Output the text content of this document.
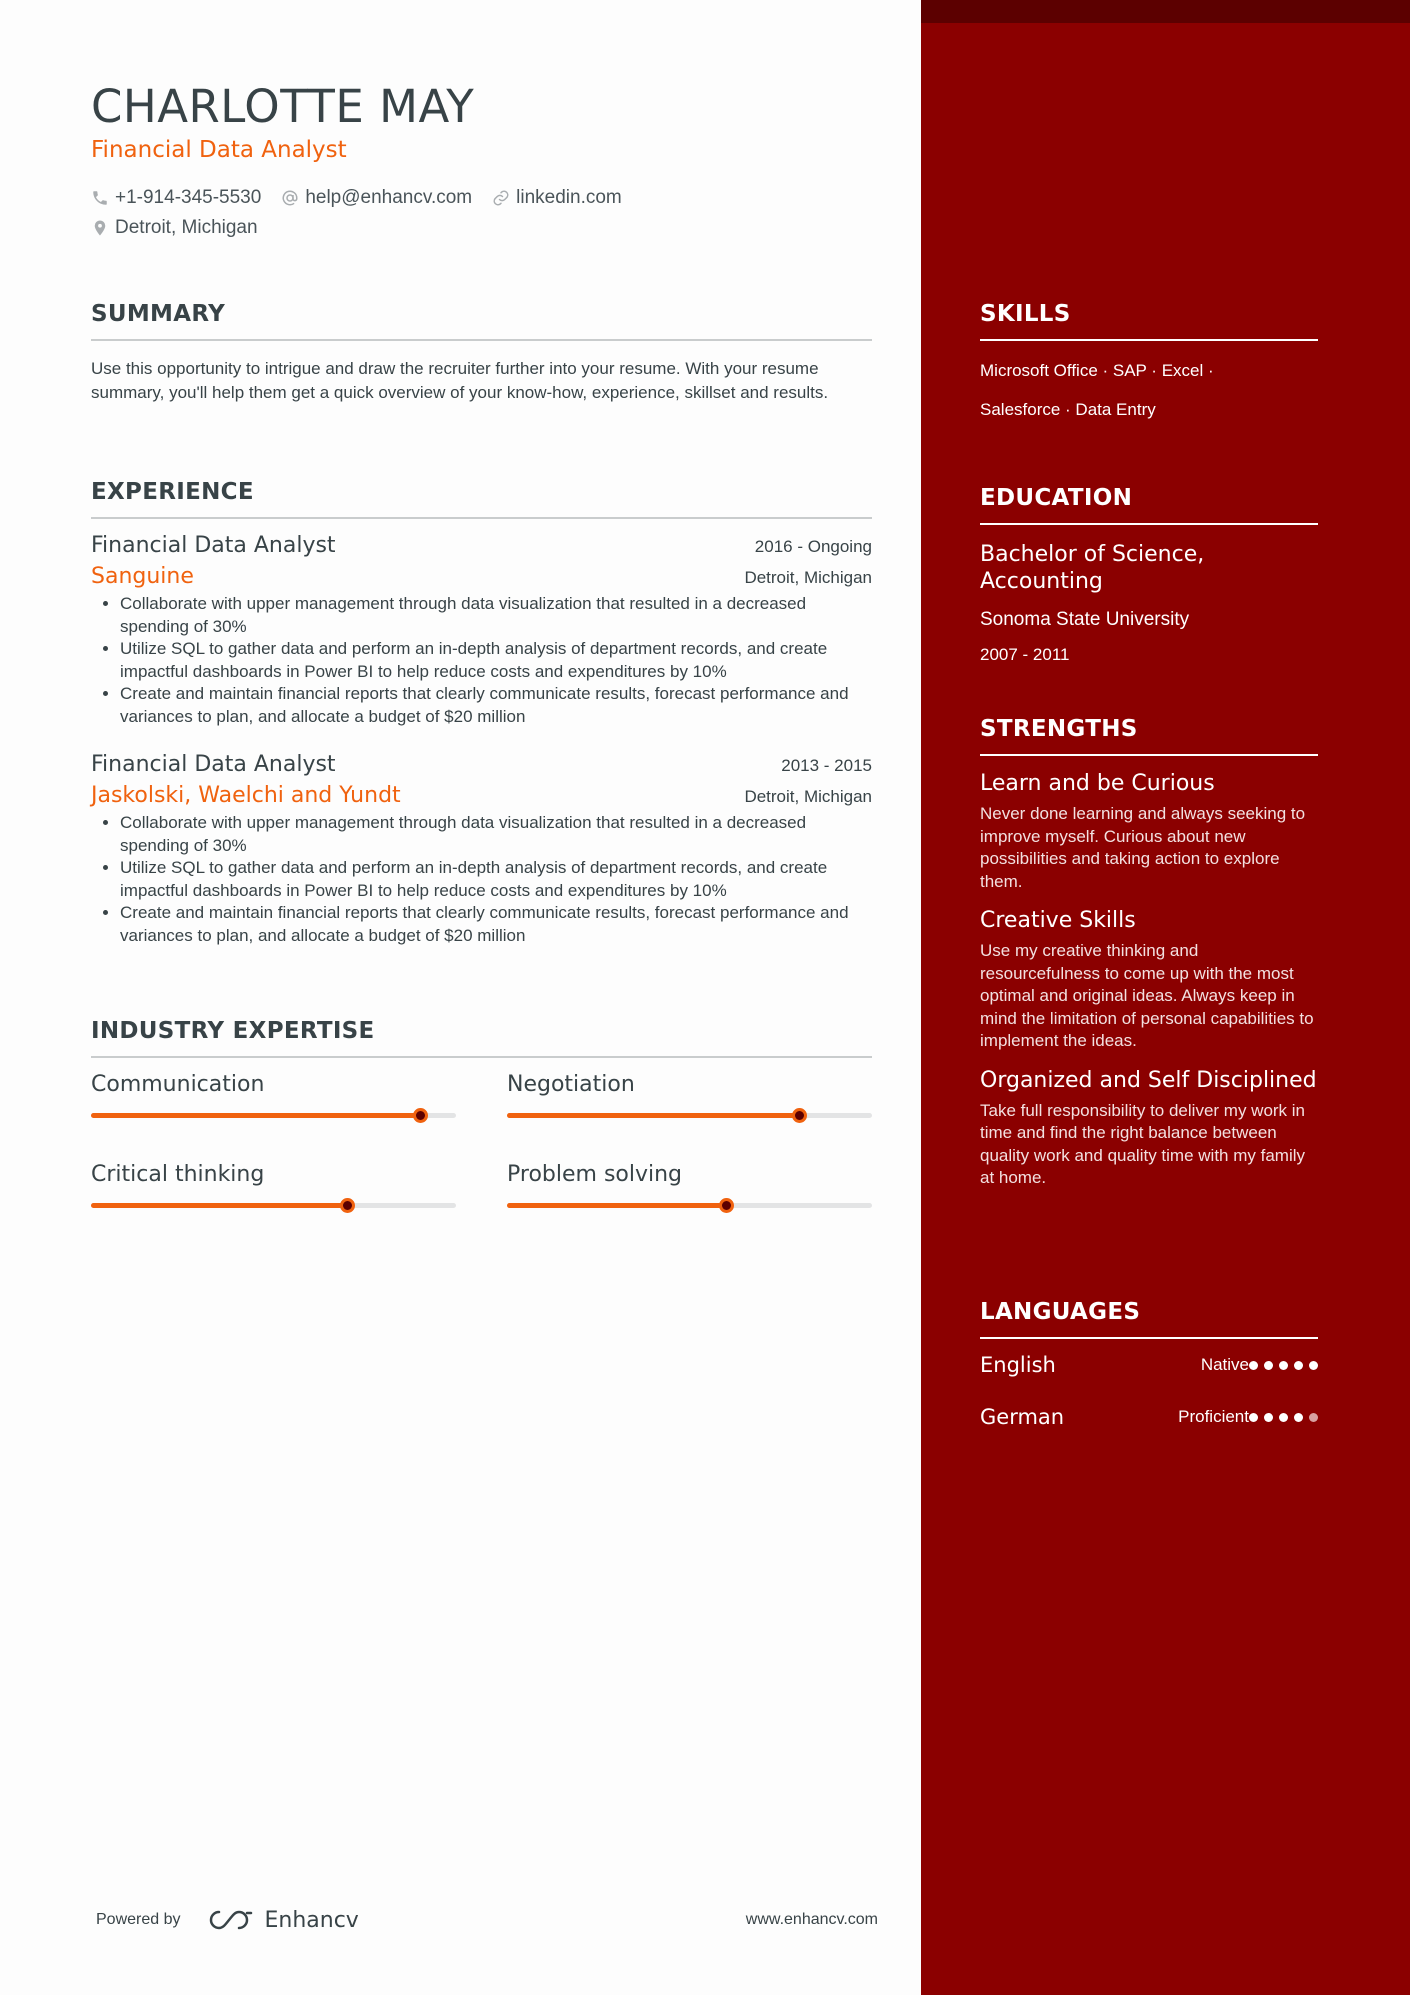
CHARLOTTE MAY
Financial Data Analyst
+1-914-345-5530 help@enhancv.com linkedin.com
Detroit, Michigan
SUMMARY

Use this opportunity to intrigue and draw the recruiter further into your resume. With your resume summary, you'll help them get a quick overview of your know-how, experience, skillset and results.

EXPERIENCE
Financial Data Analyst	2016 - Ongoing
Sanguine	Detroit, Michigan
• Collaborate with upper management through data visualization that resulted in a decreased spending of 30%
• Utilize SQL to gather data and perform an in-depth analysis of department records, and create impactful dashboards in Power BI to help reduce costs and expenditures by 10%
• Create and maintain financial reports that clearly communicate results, forecast performance and variances to plan, and allocate a budget of $20 million
Financial Data Analyst	2013 - 2015
Jaskolski, Waelchi and Yundt	Detroit, Michigan
• Collaborate with upper management through data visualization that resulted in a decreased spending of 30%
• Utilize SQL to gather data and perform an in-depth analysis of department records, and create impactful dashboards in Power BI to help reduce costs and expenditures by 10%
• Create and maintain financial reports that clearly communicate results, forecast performance and variances to plan, and allocate a budget of $20 million
INDUSTRY EXPERTISE
Communication	Negotiation
Critical thinking	Problem solving
Powered by	Enhancv	www.enhancv.com
SKILLS
Microsoft Office · SAP · Excel ·
Salesforce · Data Entry
EDUCATION
Bachelor of Science, Accounting
Sonoma State University
2007 - 2011
STRENGTHS
Learn and be Curious
Never done learning and always seeking to improve myself. Curious about new possibilities and taking action to explore them.
Creative Skills
Use my creative thinking and resourcefulness to come up with the most optimal and original ideas. Always keep in mind the limitation of personal capabilities to implement the ideas.
Organized and Self Disciplined
Take full responsibility to deliver my work in time and find the right balance between quality work and quality time with my family at home.
LANGUAGES
English	Native
German	Proficient
